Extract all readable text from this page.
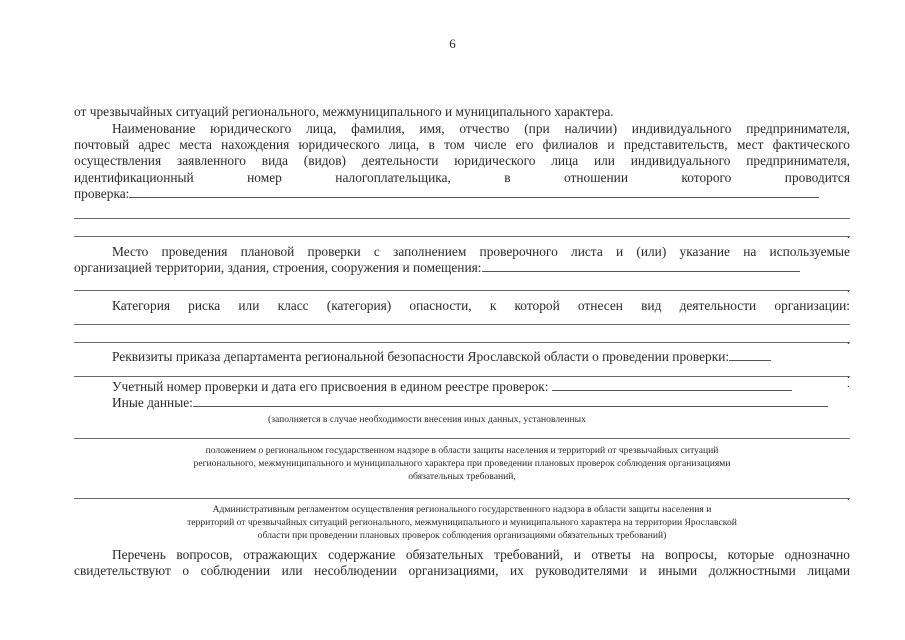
6
от чрезвычайных ситуаций регионального, межмуниципального и муниципального характера.
Наименование юридического лица, фамилия, имя, отчество (при наличии) индивидуального предпринимателя,
почтовый адрес места нахождения юридического лица, в том числе его филиалов и представительств, мест фактического
осуществления заявленного вида (видов) деятельности юридического лица или индивидуального предпринимателя,
идентификационный номер налогоплательщика, в отношении которого проводится
проверка:
.
Место проведения плановой проверки с заполнением проверочного листа и (или) указание на используемые
организацией территории, здания, строения, сооружения и помещения:
.
Категория риска или класс (категория) опасности, к которой отнесен вид деятельности организации:
.
Реквизиты приказа департамента региональной безопасности Ярославской области о проведении проверки:
.
Учетный номер проверки и дата его присвоения в едином реестре проверок:	.
Иные данные:
(заполняется в случае необходимости внесения иных данных, установленных
положением о региональном государственном надзоре в области защиты населения и территорий от чрезвычайных ситуаций
регионального, межмуниципального и муниципального характера при проведении плановых проверок соблюдения организациями
обязательных требований,
.
Административным регламентом осуществления регионального государственного надзора в области защиты населения и
территорий от чрезвычайных ситуаций регионального, межмуниципального и муниципального характера на территории Ярославской
области при проведении плановых проверок соблюдения организациями обязательных требований)
Перечень вопросов, отражающих содержание обязательных требований, и ответы на вопросы, которые однозначно
свидетельствуют о соблюдении или несоблюдении организациями, их руководителями и иными должностными лицами
